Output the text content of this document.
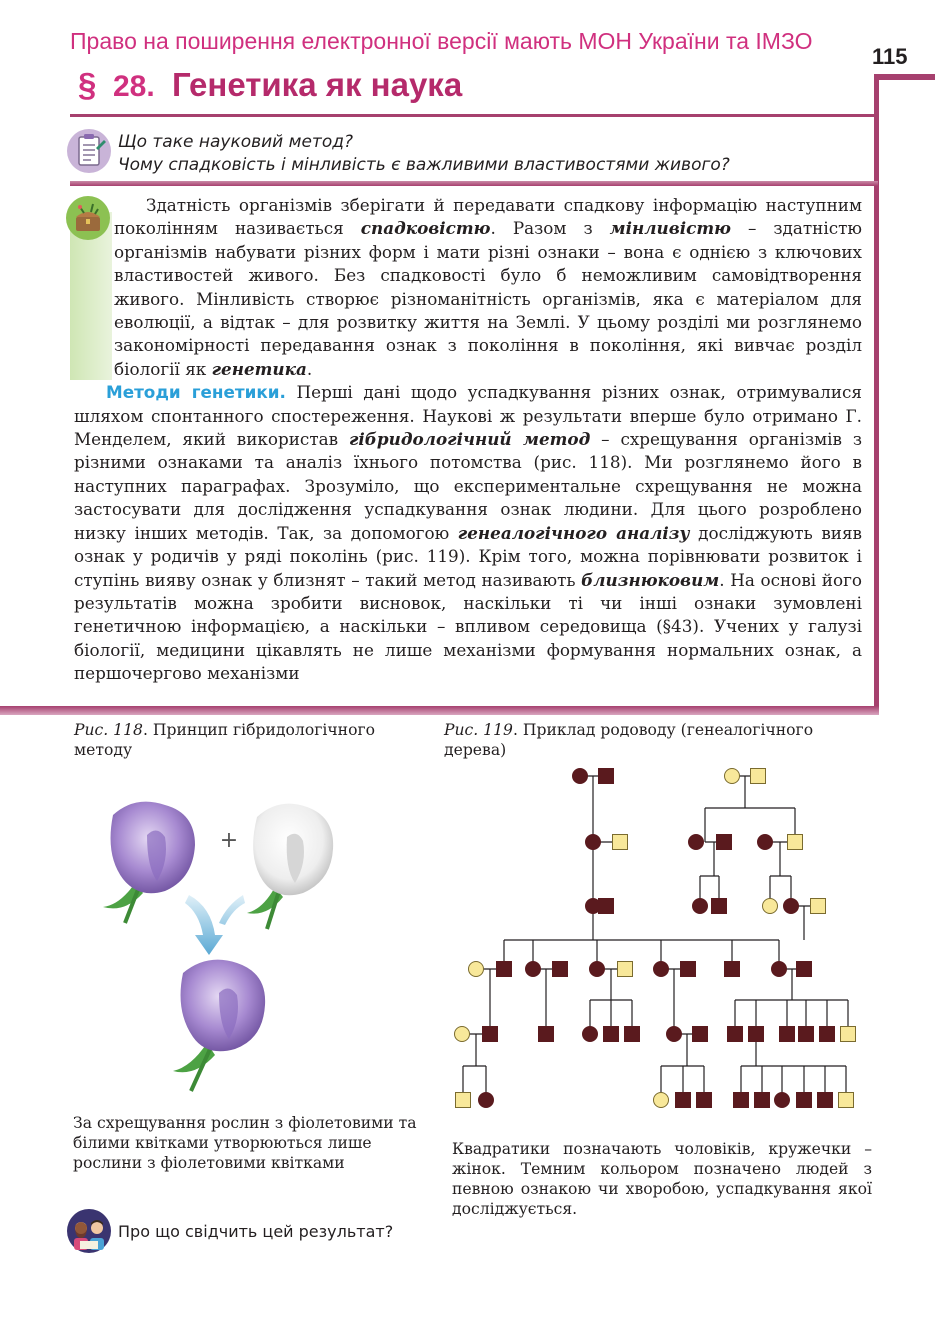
Право на поширення електронної версії мають МОН України та ІМЗО
115
§ 28. Генетика як наука
Що таке науковий метод?
Чому спадковість і мінливість є важливими властивостями живого?

Здатність організмів зберігати й передавати спадкову інформацію наступним поколінням називається спадковістю. Разом з мінливістю – здатністю організмів набувати різних форм і мати різні ознаки – вона є однією з ключових властивостей живого. Без спадковості було б неможливим самовідтворення живого. Мінливість створює різноманітність організмів, яка є матеріалом для еволюції, а відтак – для розвитку життя на Землі. У цьому розділі ми розглянемо закономірності передавання ознак з покоління в покоління, які вивчає розділ біології як генетика.

Методи генетики. Перші дані щодо успадкування різних ознак, отримувалися шляхом спонтанного спостереження. Наукові ж результати вперше було отримано Г. Менделем, який використав гібридологічний метод – схрещування організмів з різними ознаками та аналіз їхнього потомства (рис. 118). Ми розглянемо його в наступних параграфах. Зрозуміло, що експериментальне схрещування не можна застосувати для дослідження успадкування ознак людини. Для цього розроблено низку інших методів. Так, за допомогою генеалогічного аналізу досліджують вияв ознак у родичів у ряді поколінь (рис. 119). Крім того, можна порівнювати розвиток і ступінь вияву ознак у близнят – такий метод називають близнюковим. На основі його результатів можна зробити висновок, наскільки ті чи інші ознаки зумовлені генетичною інформацією, а наскільки – впливом середовища (§43). Учених у галузі біології, медицини цікавлять не лише механізми формування нормальних ознак, а першочергово механізми

Рис. 118. Принцип гібридологічного методу
+
За схрещування рослин з фіолетовими та білими квітками утворюються лише рослини з фіолетовими квітками
Рис. 119. Приклад родоводу (генеалогічного дерева)
Квадратики позначають чоловіків, кружечки – жінок. Темним кольором позначено людей з певною ознакою чи хворобою, успадкування якої досліджується.
Про що свідчить цей результат?
